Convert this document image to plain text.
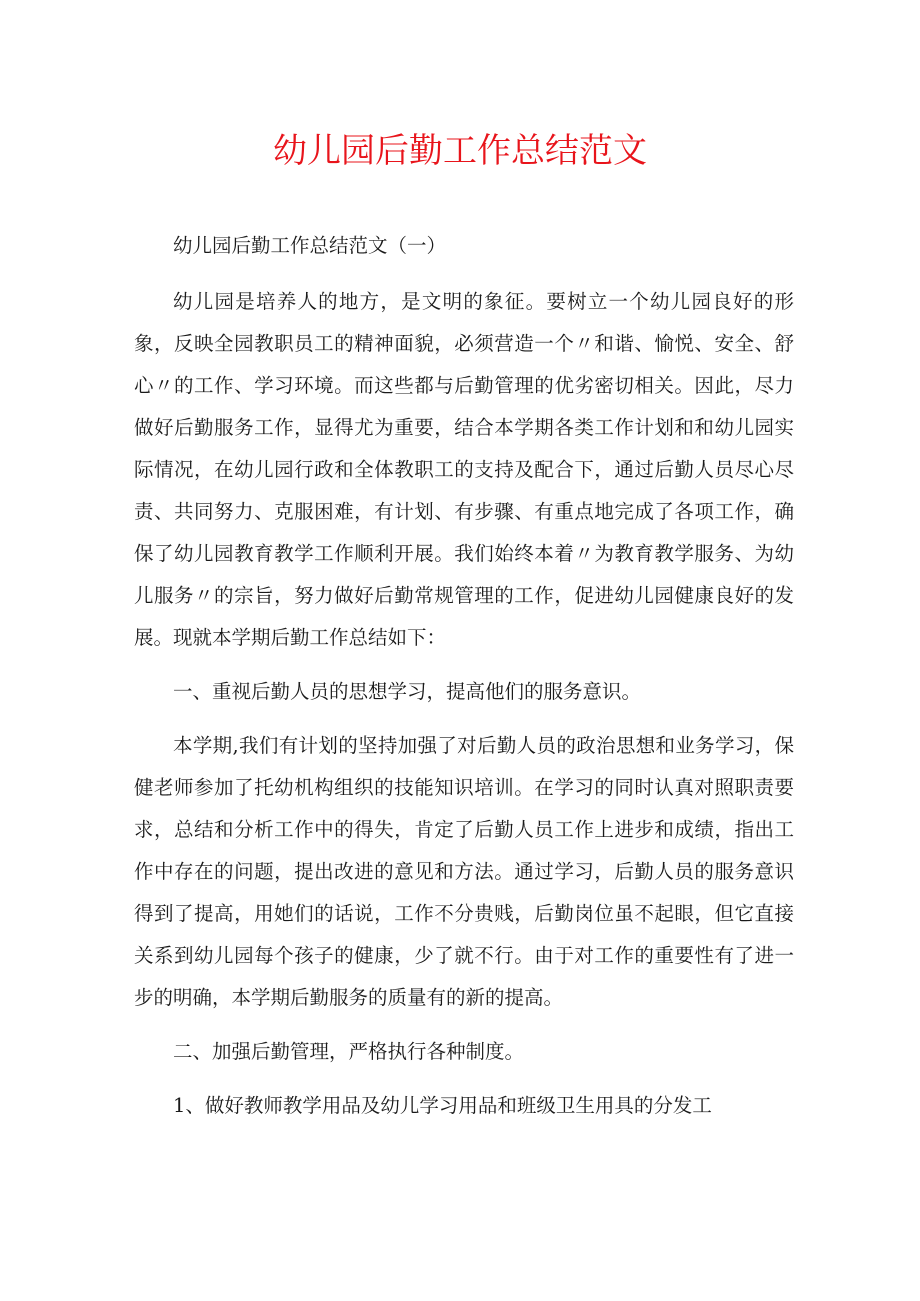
幼儿园后勤工作总结范文

幼儿园后勤工作总结范文（一）

幼儿园是培养人的地方，是文明的象征。要树立一个幼儿园良好的形象，反映全园教职员工的精神面貌，必须营造一个〃和谐、愉悦、安全、舒心〃的工作、学习环境。而这些都与后勤管理的优劣密切相关。因此，尽力做好后勤服务工作，显得尤为重要，结合本学期各类工作计划和和幼儿园实际情况，在幼儿园行政和全体教职工的支持及配合下，通过后勤人员尽心尽责、共同努力、克服困难，有计划、有步骤、有重点地完成了各项工作，确保了幼儿园教育教学工作顺利开展。我们始终本着〃为教育教学服务、为幼儿服务〃的宗旨，努力做好后勤常规管理的工作，促进幼儿园健康良好的发展。现就本学期后勤工作总结如下：

一、重视后勤人员的思想学习，提高他们的服务意识。

本学期,我们有计划的坚持加强了对后勤人员的政治思想和业务学习，保健老师参加了托幼机构组织的技能知识培训。在学习的同时认真对照职责要求，总结和分析工作中的得失，肯定了后勤人员工作上进步和成绩，指出工作中存在的问题，提出改进的意见和方法。通过学习，后勤人员的服务意识得到了提高，用她们的话说，工作不分贵贱，后勤岗位虽不起眼，但它直接关系到幼儿园每个孩子的健康，少了就不行。由于对工作的重要性有了进一步的明确，本学期后勤服务的质量有的新的提高。

二、加强后勤管理，严格执行各种制度。

1、做好教师教学用品及幼儿学习用品和班级卫生用具的分发工
